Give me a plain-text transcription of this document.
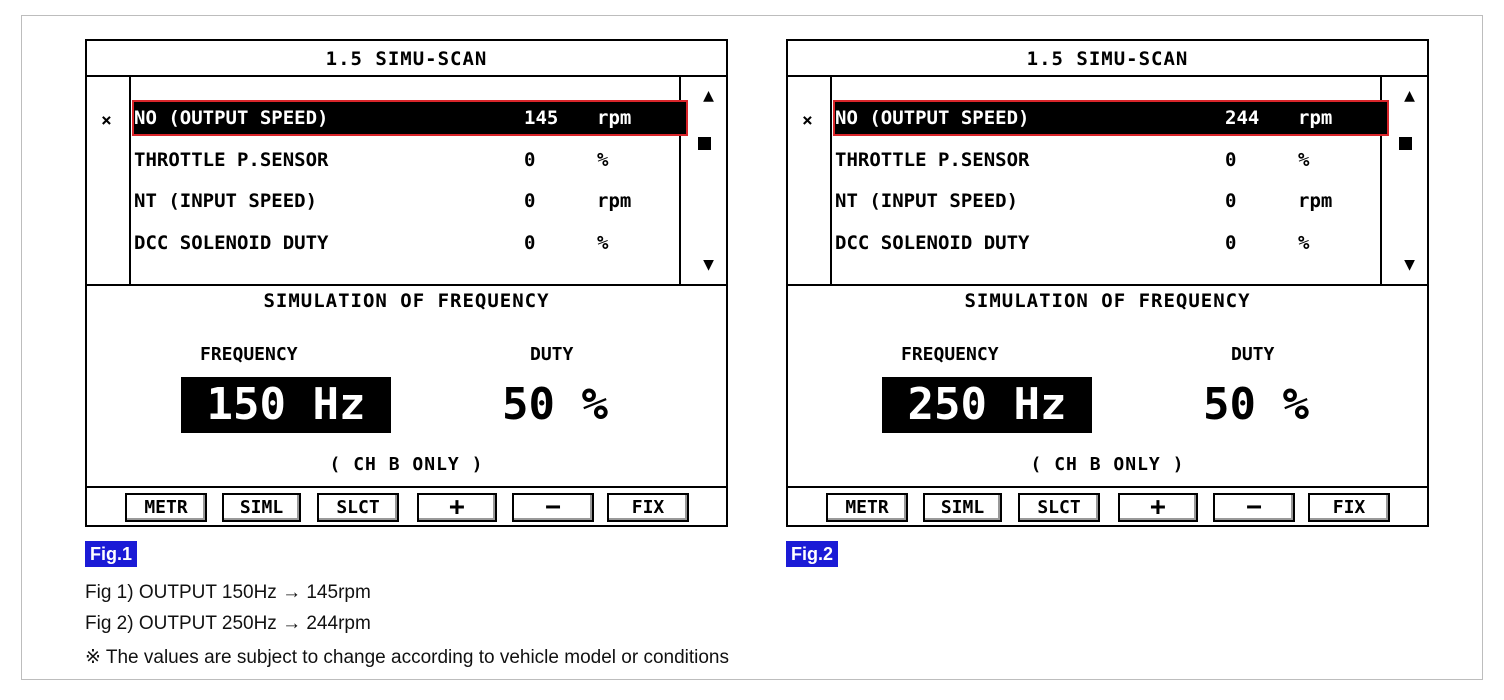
1.5 SIMU-SCAN
× NO (OUTPUT SPEED)	145 rpm
THROTTLE P.SENSOR	0	%
NT (INPUT SPEED)	0	rpm
DCC SOLENOID DUTY	0	%
▲
▼
SIMULATION OF FREQUENCY
FREQUENCY	DUTY
150 Hz	50 %
( CH B ONLY )
METR	SIML	SLCT	+	−	FIX
1.5 SIMU-SCAN
× NO (OUTPUT SPEED)	244 rpm
THROTTLE P.SENSOR	0	%
NT (INPUT SPEED)	0	rpm
DCC SOLENOID DUTY	0	%
▲
▼
SIMULATION OF FREQUENCY
FREQUENCY	DUTY
250 Hz	50 %
( CH B ONLY )
METR	SIML	SLCT	+	−	FIX
Fig.1	Fig.2
Fig 1) OUTPUT 150Hz → 145rpm
Fig 2) OUTPUT 250Hz → 244rpm
※ The values are subject to change according to vehicle model or conditions
